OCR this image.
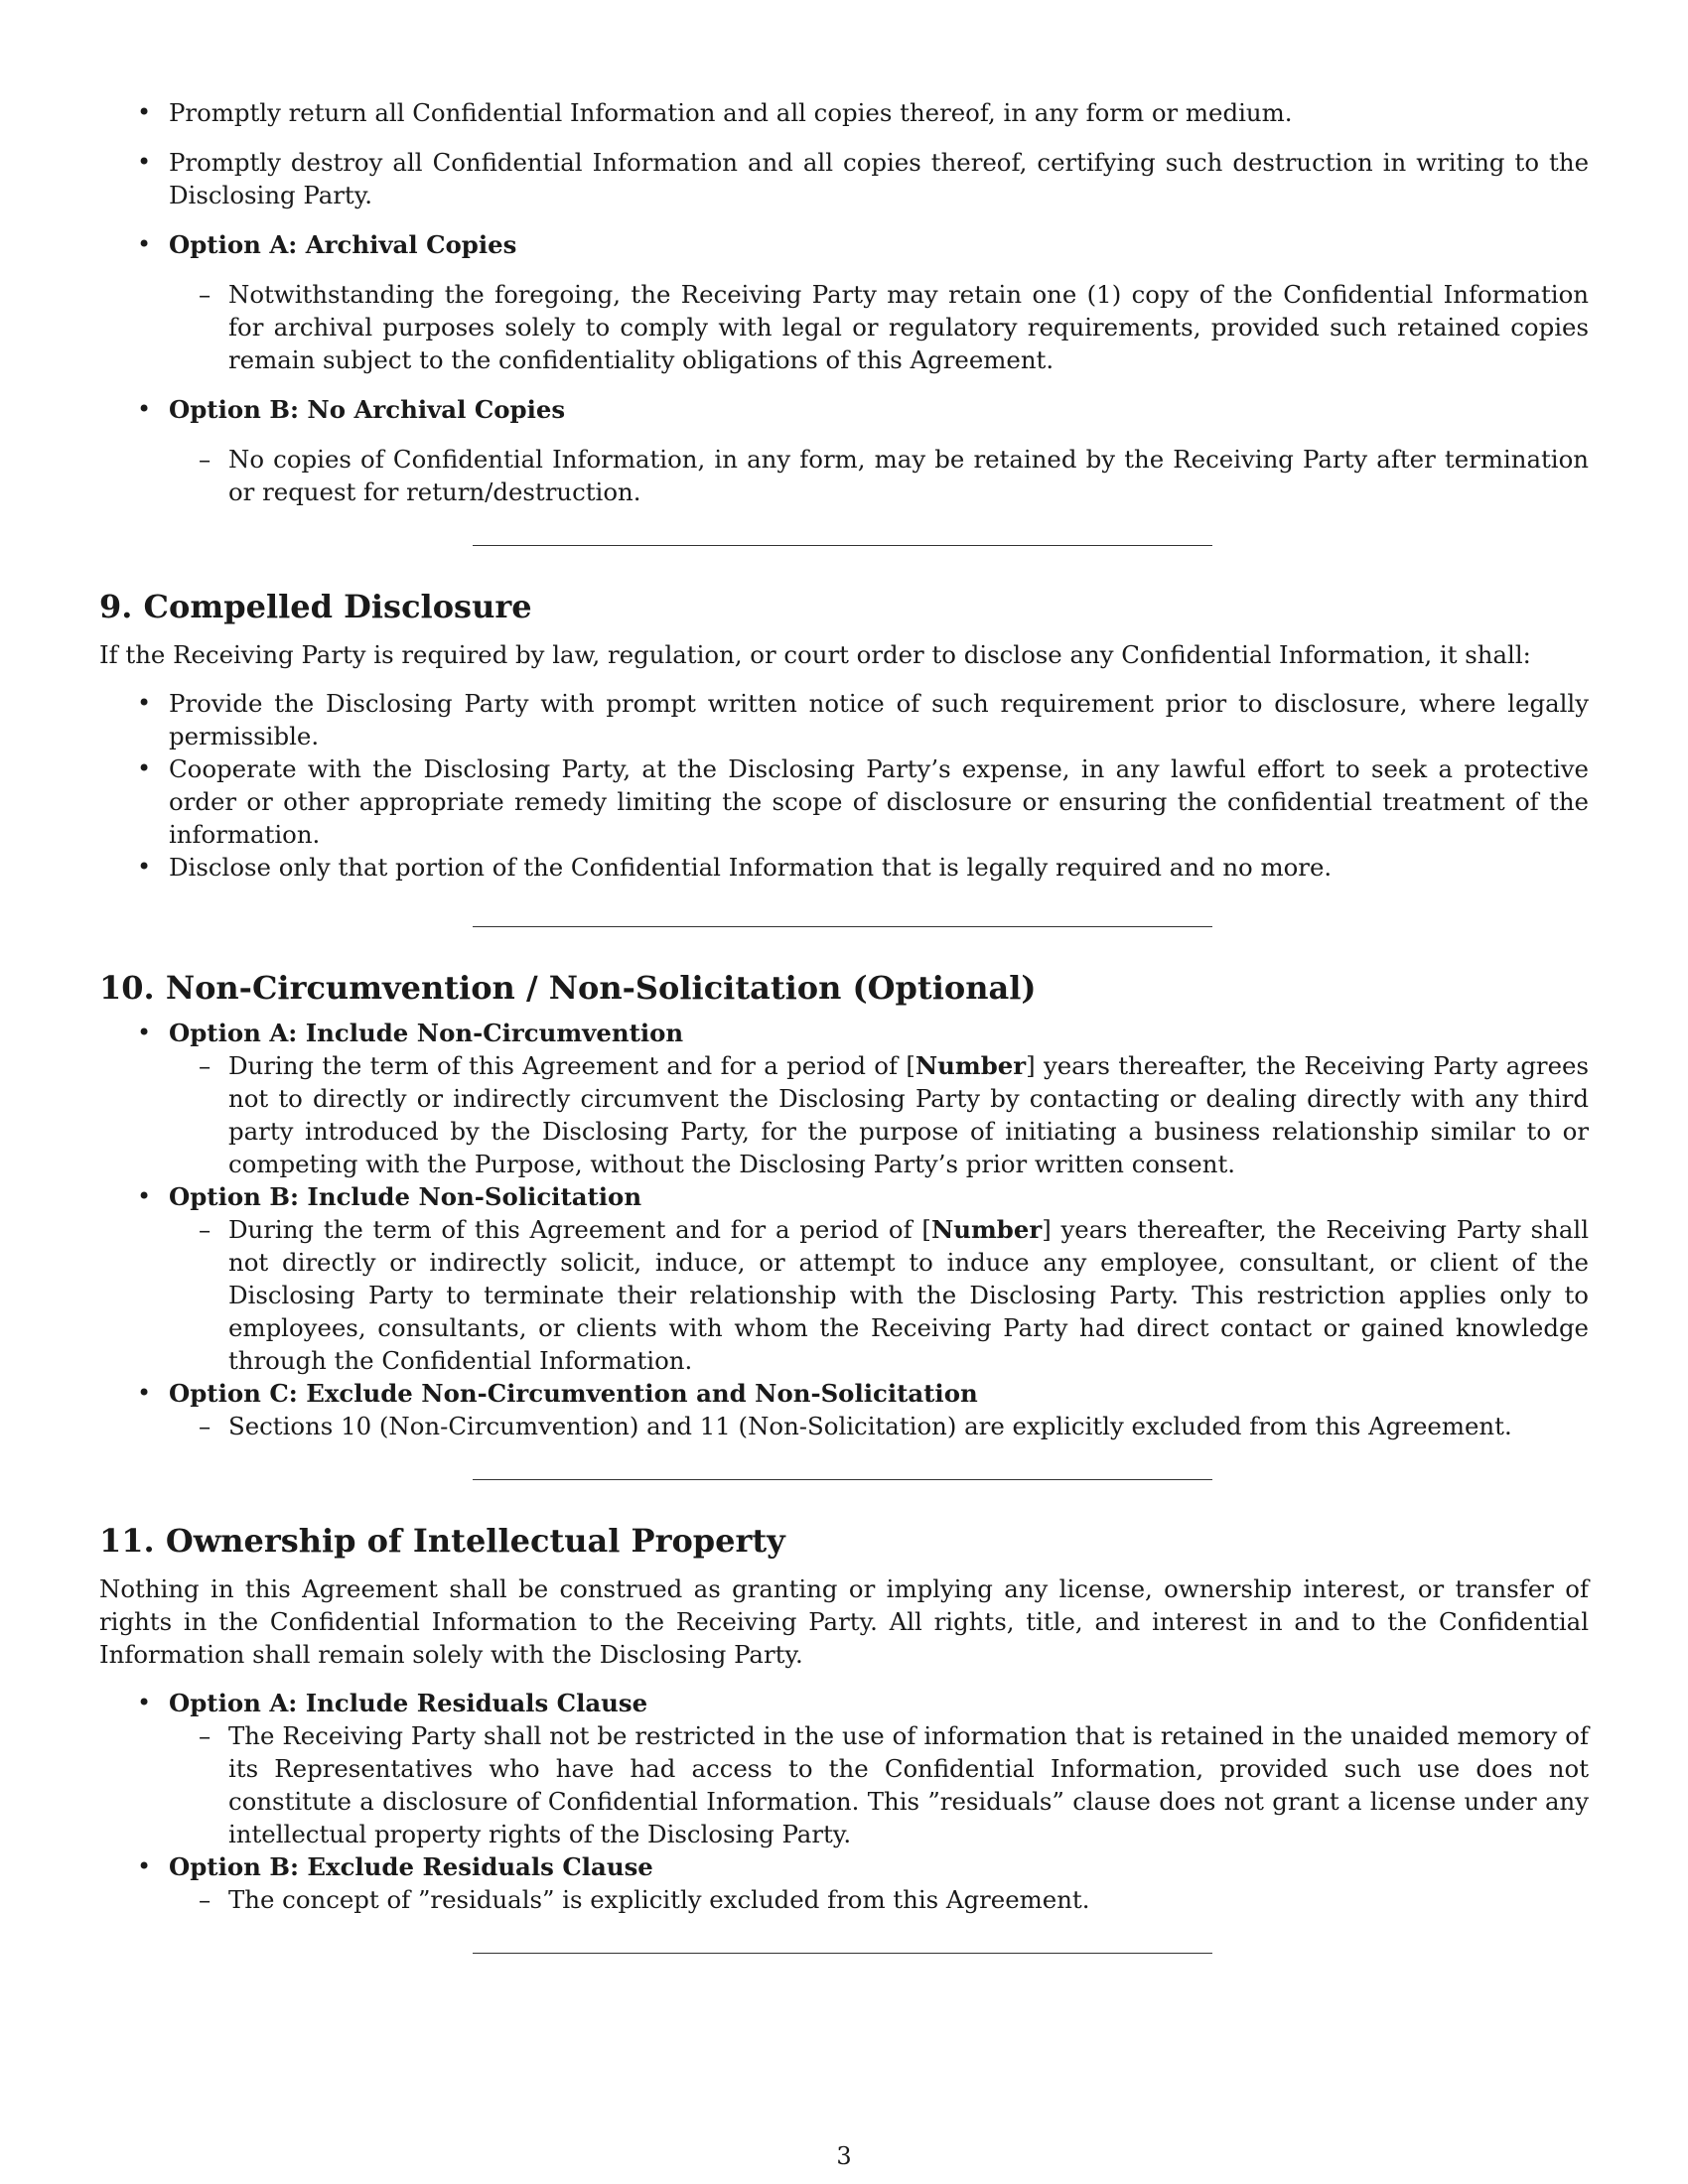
• Promptly return all Confidential Information and all copies thereof, in any form or medium.
• Promptly destroy all Confidential Information and all copies thereof, certifying such destruction in writing to the Disclosing Party.
• Option A: Archival Copies
– Notwithstanding the foregoing, the Receiving Party may retain one (1) copy of the Confidential Information for archival purposes solely to comply with legal or regulatory requirements, provided such retained copies remain subject to the confidentiality obligations of this Agreement.
• Option B: No Archival Copies
– No copies of Confidential Information, in any form, may be retained by the Receiving Party after termination or request for return/destruction.
9. Compelled Disclosure

If the Receiving Party is required by law, regulation, or court order to disclose any Confidential Information, it shall:

• Provide the Disclosing Party with prompt written notice of such requirement prior to disclosure, where legally permissible.
• Cooperate with the Disclosing Party, at the Disclosing Party’s expense, in any lawful effort to seek a protective order or other appropriate remedy limiting the scope of disclosure or ensuring the confidential treatment of the information.
• Disclose only that portion of the Confidential Information that is legally required and no more.
10. Non-Circumvention / Non-Solicitation (Optional)
• Option A: Include Non-Circumvention
– During the term of this Agreement and for a period of [Number] years thereafter, the Receiving Party agrees not to directly or indirectly circumvent the Disclosing Party by contacting or dealing directly with any third party introduced by the Disclosing Party, for the purpose of initiating a business relationship similar to or competing with the Purpose, without the Disclosing Party’s prior written consent.
• Option B: Include Non-Solicitation
– During the term of this Agreement and for a period of [Number] years thereafter, the Receiving Party shall not directly or indirectly solicit, induce, or attempt to induce any employee, consultant, or client of the Disclosing Party to terminate their relationship with the Disclosing Party. This restriction applies only to employees, consultants, or clients with whom the Receiving Party had direct contact or gained knowledge through the Confidential Information.
• Option C: Exclude Non-Circumvention and Non-Solicitation
– Sections 10 (Non-Circumvention) and 11 (Non-Solicitation) are explicitly excluded from this Agreement.
11. Ownership of Intellectual Property

Nothing in this Agreement shall be construed as granting or implying any license, ownership interest, or transfer of rights in the Confidential Information to the Receiving Party. All rights, title, and interest in and to the Confidential Information shall remain solely with the Disclosing Party.

• Option A: Include Residuals Clause
– The Receiving Party shall not be restricted in the use of information that is retained in the unaided memory of its Representatives who have had access to the Confidential Information, provided such use does not constitute a disclosure of Confidential Information. This ”residuals” clause does not grant a license under any intellectual property rights of the Disclosing Party.
• Option B: Exclude Residuals Clause
– The concept of ”residuals” is explicitly excluded from this Agreement.
3
